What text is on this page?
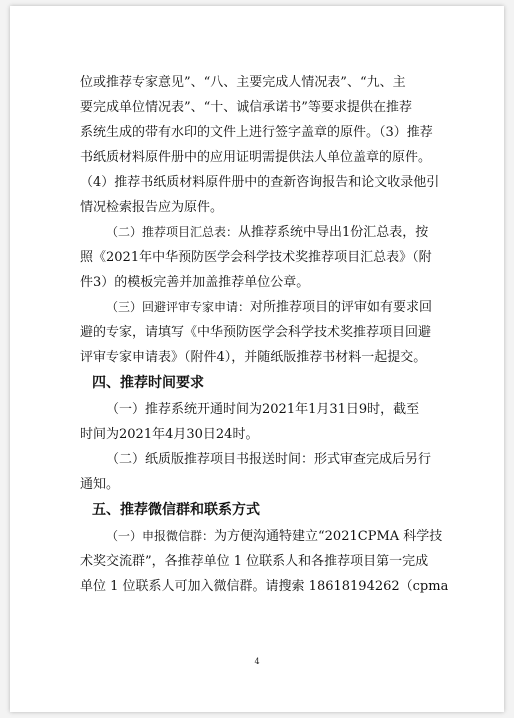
位或推荐专家意见”、“八、主要完成人情况表”、“九、主
要完成单位情况表”、“十、诚信承诺书”等要求提供在推荐
系统生成的带有水印的文件上进行签字盖章的原件。（3）推荐
书纸质材料原件册中的应用证明需提供法人单位盖章的原件。
（4）推荐书纸质材料原件册中的查新咨询报告和论文收录他引
情况检索报告应为原件。

（二）推荐项目汇总表：从推荐系统中导出1份汇总表，按
照《2021年中华预防医学会科学技术奖推荐项目汇总表》（附
件3）的模板完善并加盖推荐单位公章。

（三）回避评审专家申请：对所推荐项目的评审如有要求回
避的专家，请填写《中华预防医学会科学技术奖推荐项目回避
评审专家申请表》（附件4），并随纸版推荐书材料一起提交。

四、推荐时间要求

（一）推荐系统开通时间为2021年1月31日9时，截至
时间为2021年4月30日24时。

（二）纸质版推荐项目书报送时间：形式审查完成后另行
通知。

五、推荐微信群和联系方式

（一）申报微信群：为方便沟通特建立“2021CPMA 科学技
术奖交流群”，各推荐单位 1 位联系人和各推荐项目第一完成
单位 1 位联系人可加入微信群。请搜索 18618194262（cpma

4
